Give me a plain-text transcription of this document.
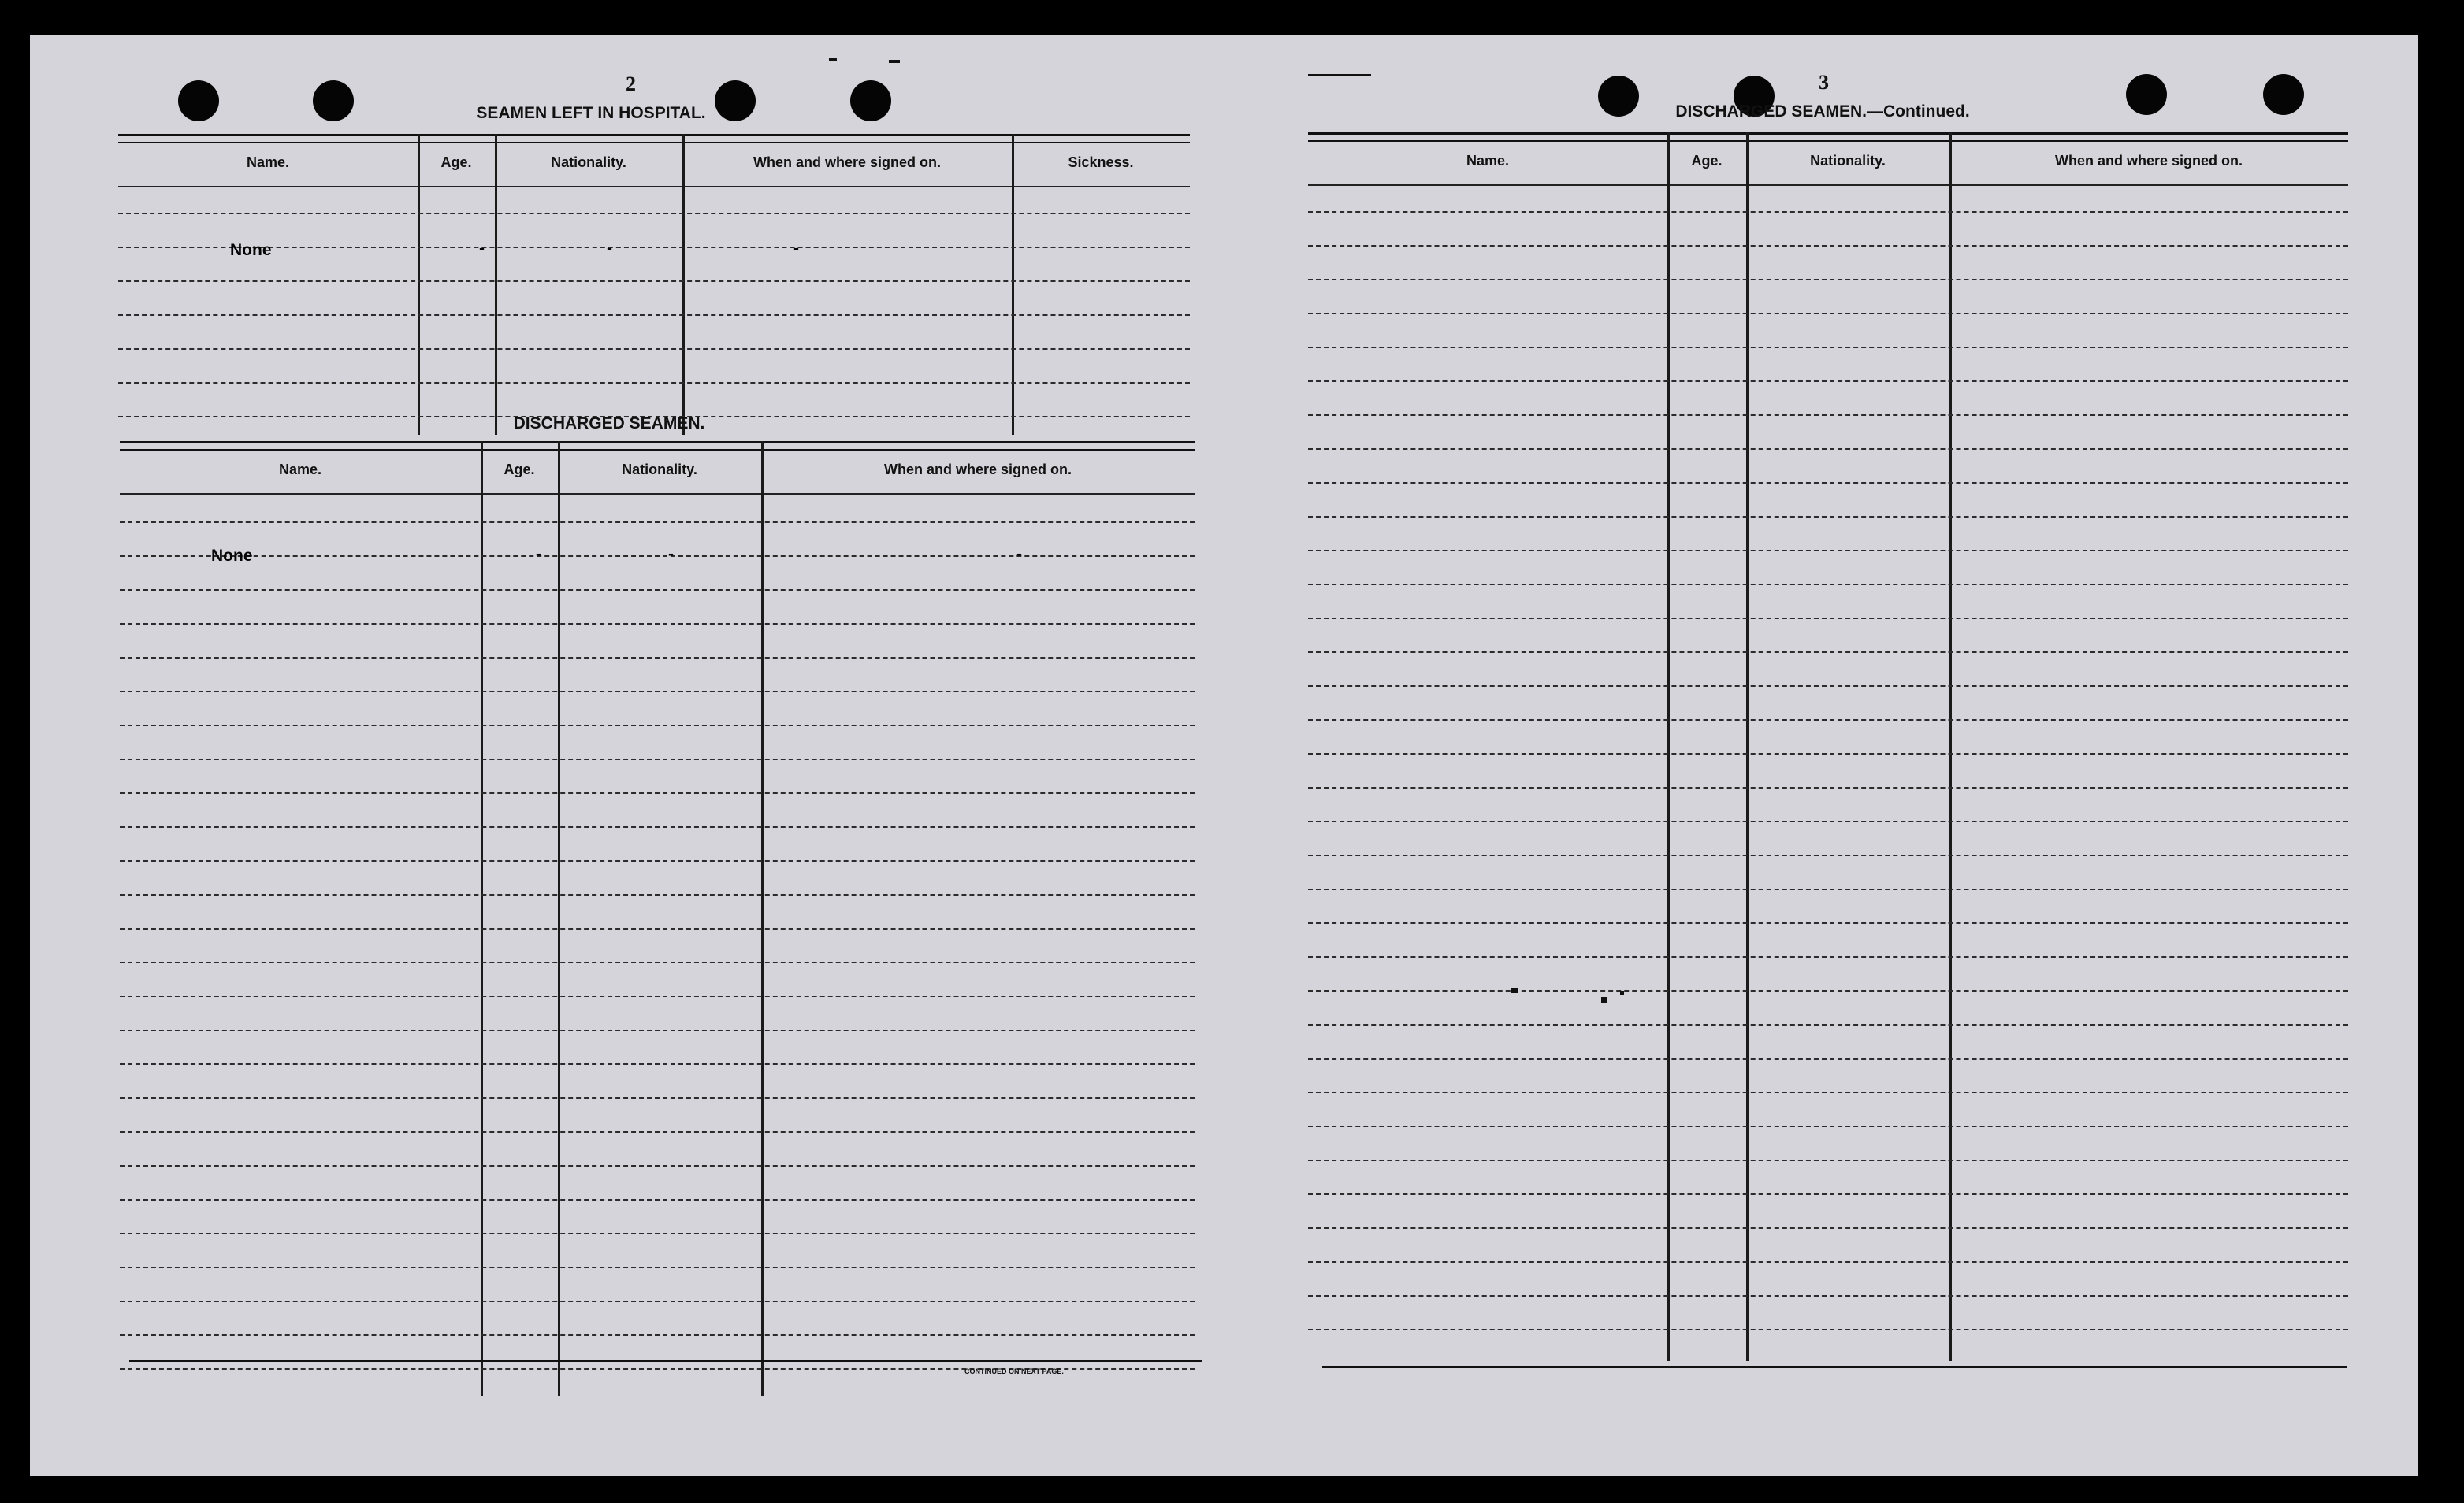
2
SEAMEN LEFT IN HOSPITAL.
Name.	Age.	Nationality.	When and where signed on.	Sickness.
None	-	-	-
DISCHARGED SEAMEN.
Name.	Age.	Nationality.	When and where signed on.
None	-	-	-
CONTINUED ON NEXT PAGE.
3
DISCHARGED SEAMEN.—Continued.
Name.	Age.	Nationality.	When and where signed on.
